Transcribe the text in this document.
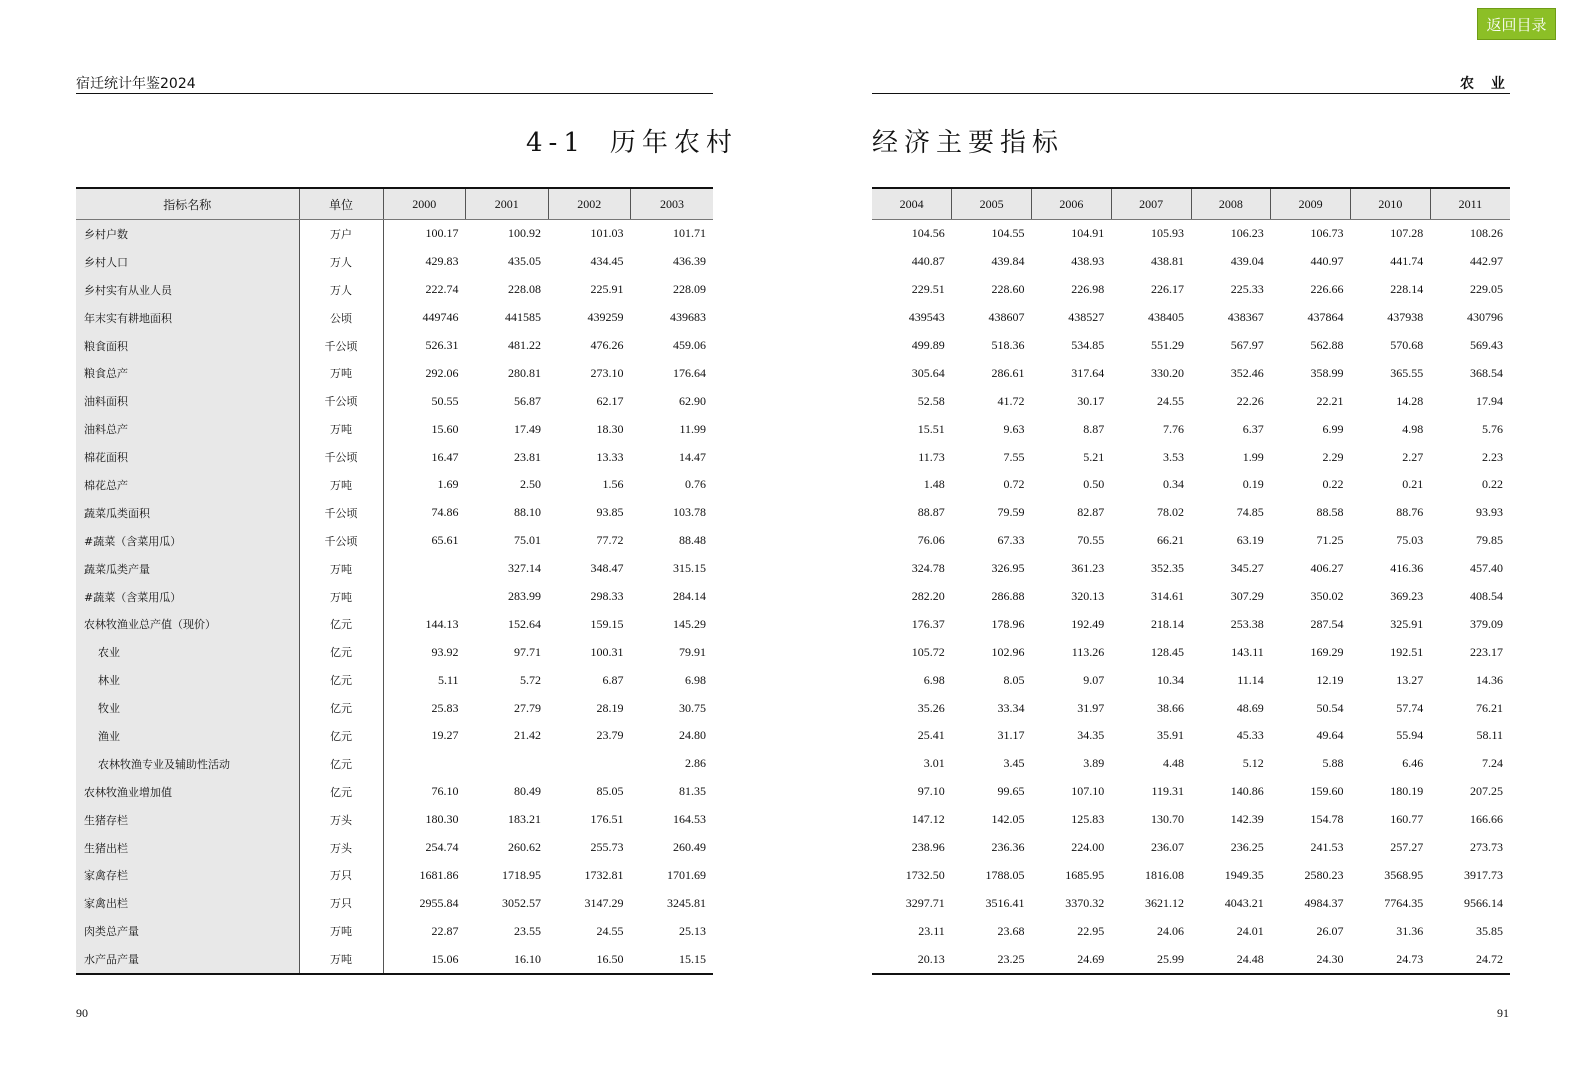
返回目录
宿迁统计年鉴2024	农 业
4-1 历年农村	经济主要指标
指标名称	单位	2000	2001	2002	2003
乡村户数	万户	100.17	100.92	101.03	101.71
乡村人口	万人	429.83	435.05	434.45	436.39
乡村实有从业人员	万人	222.74	228.08	225.91	228.09
年末实有耕地面积	公顷	449746	441585	439259	439683
粮食面积	千公顷	526.31	481.22	476.26	459.06
粮食总产	万吨	292.06	280.81	273.10	176.64
油料面积	千公顷	50.55	56.87	62.17	62.90
油料总产	万吨	15.60	17.49	18.30	11.99
棉花面积	千公顷	16.47	23.81	13.33	14.47
棉花总产	万吨	1.69	2.50	1.56	0.76
蔬菜瓜类面积	千公顷	74.86	88.10	93.85	103.78
#蔬菜（含菜用瓜）	千公顷	65.61	75.01	77.72	88.48
蔬菜瓜类产量	万吨		327.14	348.47	315.15
#蔬菜（含菜用瓜）	万吨		283.99	298.33	284.14
农林牧渔业总产值（现价）	亿元	144.13	152.64	159.15	145.29
农业	亿元	93.92	97.71	100.31	79.91
林业	亿元	5.11	5.72	6.87	6.98
牧业	亿元	25.83	27.79	28.19	30.75
渔业	亿元	19.27	21.42	23.79	24.80
农林牧渔专业及辅助性活动	亿元				2.86
农林牧渔业增加值	亿元	76.10	80.49	85.05	81.35
生猪存栏	万头	180.30	183.21	176.51	164.53
生猪出栏	万头	254.74	260.62	255.73	260.49
家禽存栏	万只	1681.86	1718.95	1732.81	1701.69
家禽出栏	万只	2955.84	3052.57	3147.29	3245.81
肉类总产量	万吨	22.87	23.55	24.55	25.13
水产品产量	万吨	15.06	16.10	16.50	15.15
2004	2005	2006	2007	2008	2009	2010	2011
104.56	104.55	104.91	105.93	106.23	106.73	107.28	108.26
440.87	439.84	438.93	438.81	439.04	440.97	441.74	442.97
229.51	228.60	226.98	226.17	225.33	226.66	228.14	229.05
439543	438607	438527	438405	438367	437864	437938	430796
499.89	518.36	534.85	551.29	567.97	562.88	570.68	569.43
305.64	286.61	317.64	330.20	352.46	358.99	365.55	368.54
52.58	41.72	30.17	24.55	22.26	22.21	14.28	17.94
15.51	9.63	8.87	7.76	6.37	6.99	4.98	5.76
11.73	7.55	5.21	3.53	1.99	2.29	2.27	2.23
1.48	0.72	0.50	0.34	0.19	0.22	0.21	0.22
88.87	79.59	82.87	78.02	74.85	88.58	88.76	93.93
76.06	67.33	70.55	66.21	63.19	71.25	75.03	79.85
324.78	326.95	361.23	352.35	345.27	406.27	416.36	457.40
282.20	286.88	320.13	314.61	307.29	350.02	369.23	408.54
176.37	178.96	192.49	218.14	253.38	287.54	325.91	379.09
105.72	102.96	113.26	128.45	143.11	169.29	192.51	223.17
6.98	8.05	9.07	10.34	11.14	12.19	13.27	14.36
35.26	33.34	31.97	38.66	48.69	50.54	57.74	76.21
25.41	31.17	34.35	35.91	45.33	49.64	55.94	58.11
3.01	3.45	3.89	4.48	5.12	5.88	6.46	7.24
97.10	99.65	107.10	119.31	140.86	159.60	180.19	207.25
147.12	142.05	125.83	130.70	142.39	154.78	160.77	166.66
238.96	236.36	224.00	236.07	236.25	241.53	257.27	273.73
1732.50	1788.05	1685.95	1816.08	1949.35	2580.23	3568.95	3917.73
3297.71	3516.41	3370.32	3621.12	4043.21	4984.37	7764.35	9566.14
23.11	23.68	22.95	24.06	24.01	26.07	31.36	35.85
20.13	23.25	24.69	25.99	24.48	24.30	24.73	24.72
90	91
